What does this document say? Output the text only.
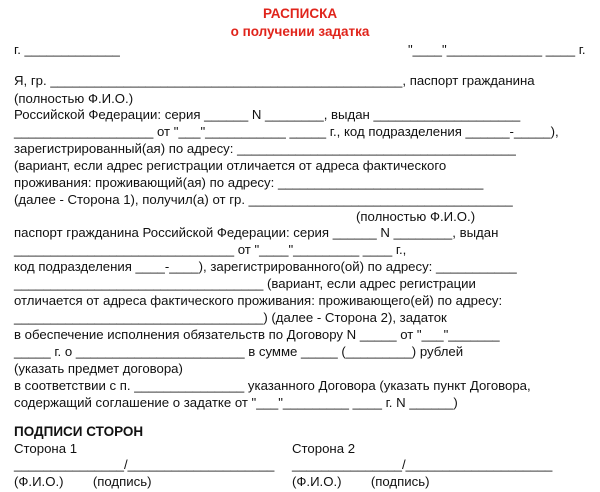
РАСПИСКА
о получении задатка
г. _____________	"____"_____________ ____ г.
Я, гр. ________________________________________________, паспорт гражданина
(полностью Ф.И.О.)
Российской Федерации: серия ______ N ________, выдан ____________________
___________________ от "___"___________ _____ г., код подразделения ______-_____),
зарегистрированный(ая) по адресу: ______________________________________
(вариант, если адрес регистрации отличается от адреса фактического
проживания: проживающий(ая) по адресу: ____________________________
(далее - Сторона 1), получил(а) от гр. ____________________________________
(полностью Ф.И.О.)
паспорт гражданина Российской Федерации: серия ______ N ________, выдан
______________________________ от "____"_________ ____ г.,
код подразделения ____-____), зарегистрированного(ой) по адресу: ___________
__________________________________ (вариант, если адрес регистрации
отличается от адреса фактического проживания: проживающего(ей) по адресу:
__________________________________) (далее - Сторона 2), задаток
в обеспечение исполнения обязательств по Договору N _____ от "___"_______
_____ г. о _______________________ в сумме _____ (_________) рублей
(указать предмет договора)
в соответствии с п. _______________ указанного Договора (указать пункт Договора,
содержащий соглашение о задатке от "___"_________ ____ г. N ______)
ПОДПИСИ СТОРОН
Сторона 1	Сторона 2
_______________/____________________ _______________/____________________
(Ф.И.О.)        (подпись)	(Ф.И.О.)        (подпись)
